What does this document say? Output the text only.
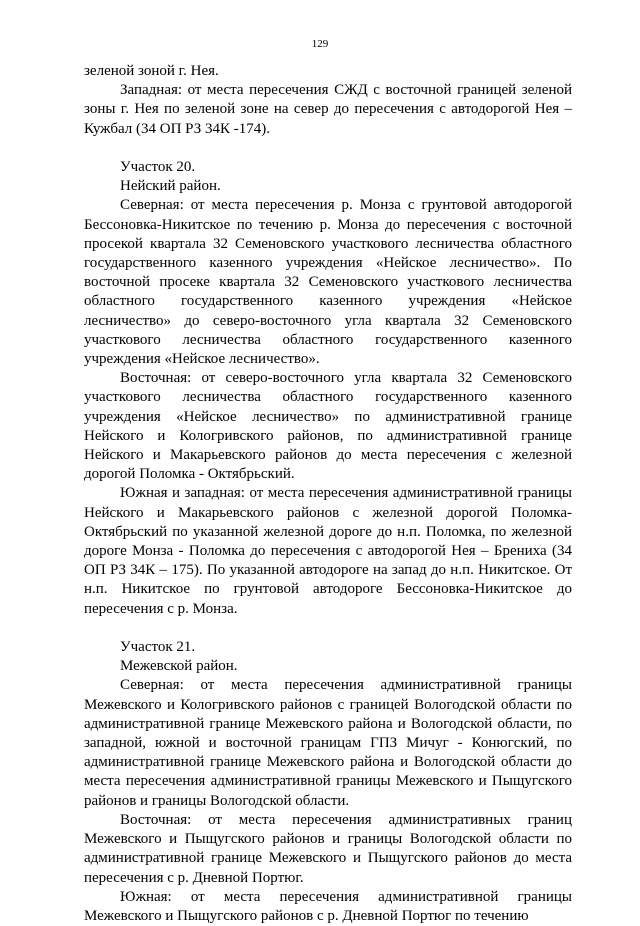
129

зеленой зоной г. Нея.

Западная: от места пересечения СЖД с восточной границей зеленой зоны г. Нея по зеленой зоне на север до пересечения с автодорогой Нея – Кужбал (34 ОП РЗ 34К -174).

Участок 20.

Нейский район.

Северная: от места пересечения р. Монза с грунтовой автодорогой Бессоновка-Никитское по течению р. Монза до пересечения с восточной просекой квартала 32 Семеновского участкового лесничества областного государственного казенного учреждения «Нейское лесничество». По восточной просеке квартала 32 Семеновского участкового лесничества областного государственного казенного учреждения «Нейское лесничество» до северо-восточного угла квартала 32 Семеновского участкового лесничества областного государственного казенного учреждения «Нейское лесничество».

Восточная: от северо-восточного угла квартала 32 Семеновского участкового лесничества областного государственного казенного учреждения «Нейское лесничество» по административной границе Нейского и Кологривского районов, по административной границе Нейского и Макарьевского районов до места пересечения с железной дорогой Поломка - Октябрьский.

Южная и западная: от места пересечения административной границы Нейского и Макарьевского районов с железной дорогой Поломка-Октябрьский по указанной железной дороге до н.п. Поломка, по железной дороге Монза - Поломка до пересечения с автодорогой Нея – Брениха (34 ОП РЗ 34К – 175). По указанной автодороге на запад до н.п. Никитское. От н.п. Никитское по грунтовой автодороге Бессоновка-Никитское до пересечения с р. Монза.

Участок 21.

Межевской район.

Северная: от места пересечения административной границы Межевского и Кологривского районов с границей Вологодской области по административной границе Межевского района и Вологодской области, по западной, южной и восточной границам ГПЗ Мичуг - Конюгский, по административной границе Межевского района и Вологодской области до места пересечения административной границы Межевского и Пыщугского районов и границы Вологодской области.

Восточная: от места пересечения административных границ Межевского и Пыщугского районов и границы Вологодской области по административной границе Межевского и Пыщугского районов до места пересечения с р. Дневной Портюг.

Южная: от места пересечения административной границы Межевского и Пыщугского районов с р. Дневной Портюг по течению
